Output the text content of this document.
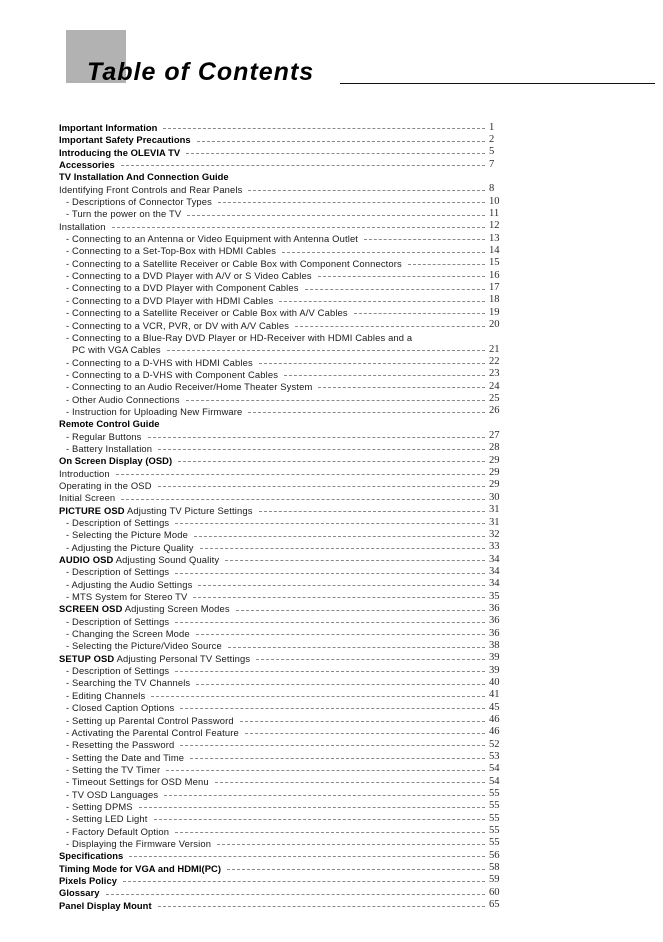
Table of Contents
Important Information	1
Important Safety Precautions	2
Introducing the OLEVIA TV	5
Accessories	7
TV Installation And Connection Guide
Identifying Front Controls and Rear Panels	8
- Descriptions of Connector Types	10
- Turn the power on the TV	11
Installation	12
- Connecting to an Antenna or Video Equipment with Antenna Outlet	13
- Connecting to a Set-Top-Box with HDMI Cables	14
- Connecting to a Satellite Receiver or Cable Box with Component Connectors	15
- Connecting to a DVD Player with A/V or S Video Cables	16
- Connecting to a DVD Player with Component Cables	17
- Connecting to a DVD Player with HDMI Cables	18
- Connecting to a Satellite Receiver or Cable Box with A/V Cables	19
- Connecting to a VCR, PVR, or DV with A/V Cables	20
- Connecting to a Blue-Ray DVD Player or HD-Receiver with HDMI Cables and a
PC with VGA Cables	21
- Connecting to a D-VHS with HDMI Cables	22
- Connecting to a D-VHS with Component Cables	23
- Connecting to an Audio Receiver/Home Theater System	24
- Other Audio Connections	25
- Instruction for Uploading New Firmware	26
Remote Control Guide
- Regular Buttons	27
- Battery Installation	28
On Screen Display (OSD)	29
Introduction	29
Operating in the OSD	29
Initial Screen	30
PICTURE OSD Adjusting TV Picture Settings	31
- Description of Settings	31
- Selecting the Picture Mode	32
- Adjusting the Picture Quality	33
AUDIO OSD Adjusting Sound Quality	34
- Description of Settings	34
- Adjusting the Audio Settings	34
- MTS System for Stereo TV	35
SCREEN OSD Adjusting Screen Modes	36
- Description of Settings	36
- Changing the Screen Mode	36
- Selecting the Picture/Video Source	38
SETUP OSD Adjusting Personal TV Settings	39
- Description of Settings	39
- Searching the TV Channels	40
- Editing Channels	41
- Closed Caption Options	45
- Setting up Parental Control Password	46
- Activating the Parental Control Feature	46
- Resetting the Password	52
- Setting the Date and Time	53
- Setting the TV Timer	54
- Timeout Settings for OSD Menu	54
- TV OSD Languages	55
- Setting DPMS	55
- Setting LED Light	55
- Factory Default Option	55
- Displaying the Firmware Version	55
Specifications	56
Timing Mode for VGA and HDMI(PC)	58
Pixels Policy	59
Glossary	60
Panel Display Mount	65
